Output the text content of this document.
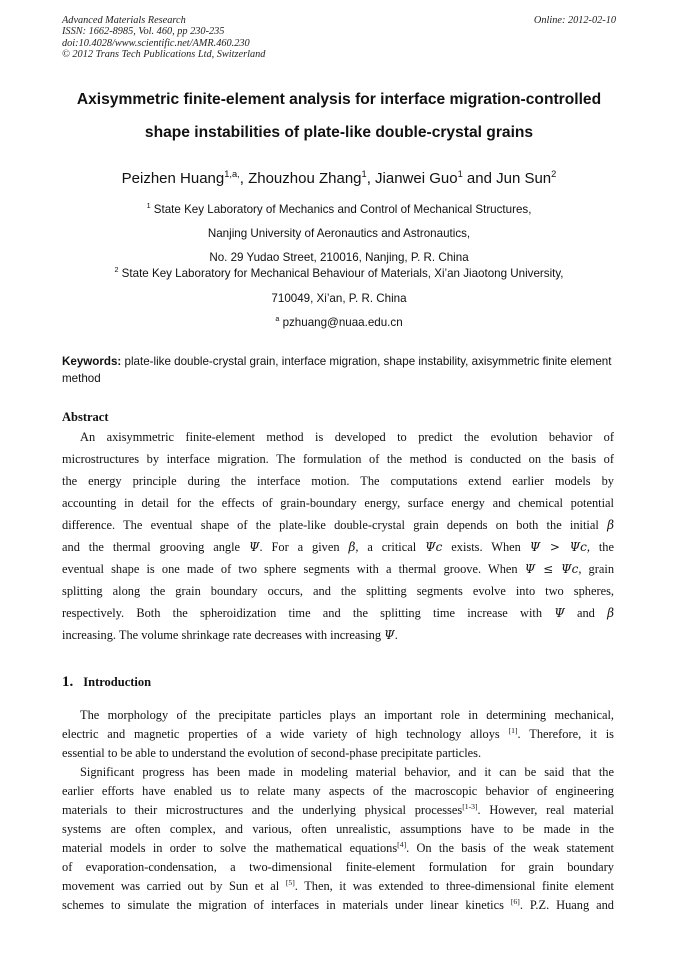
Advanced Materials Research
ISSN: 1662-8985, Vol. 460, pp 230-235
doi:10.4028/www.scientific.net/AMR.460.230
© 2012 Trans Tech Publications Ltd, Switzerland
Online: 2012-02-10
Axisymmetric finite-element analysis for interface migration-controlled
shape instabilities of plate-like double-crystal grains
Peizhen Huang$^{1,a,}$, Zhouzhou Zhang$^1$, Jianwei Guo$^1$ and Jun Sun$^2$
$^1$ State Key Laboratory of Mechanics and Control of Mechanical Structures,
Nanjing University of Aeronautics and Astronautics,
No. 29 Yudao Street, 210016, Nanjing, P. R. China
$^2$ State Key Laboratory for Mechanical Behaviour of Materials, Xi’an Jiaotong University,
710049, Xi’an, P. R. China
$^a$ pzhuang@nuaa.edu.cn
Keywords: plate-like double-crystal grain, interface migration, shape instability, axisymmetric finite element method
Abstract
An axisymmetric finite-element method is developed to predict the evolution behavior of
microstructures by interface migration. The formulation of the method is conducted on the basis of
the energy principle during the interface motion. The computations extend earlier models by
accounting in detail for the effects of grain-boundary energy, surface energy and chemical potential
difference. The eventual shape of the plate-like double-crystal grain depends on both the initial β
and the thermal grooving angle Ψ. For a given β, a critical Ψc exists. When Ψ > Ψc, the
eventual shape is one made of two sphere segments with a thermal groove. When Ψ ≤ Ψc, grain
splitting along the grain boundary occurs, and the splitting segments evolve into two spheres,
respectively. Both the spheroidization time and the splitting time increase with Ψ and β
increasing. The volume shrinkage rate decreases with increasing Ψ.
1. Introduction
The morphology of the precipitate particles plays an important role in determining mechanical,
electric and magnetic properties of a wide variety of high technology alloys [1]. Therefore, it is
essential to be able to understand the evolution of second-phase precipitate particles.
Significant progress has been made in modeling material behavior, and it can be said that the
earlier efforts have enabled us to relate many aspects of the macroscopic behavior of engineering
materials to their microstructures and the underlying physical processes[1-3]. However, real material
systems are often complex, and various, often unrealistic, assumptions have to be made in the
material models in order to solve the mathematical equations[4]. On the basis of the weak statement
of evaporation-condensation, a two-dimensional finite-element formulation for grain boundary
movement was carried out by Sun et al [5]. Then, it was extended to three-dimensional finite element
schemes to simulate the migration of interfaces in materials under linear kinetics [6]. P.Z. Huang and
